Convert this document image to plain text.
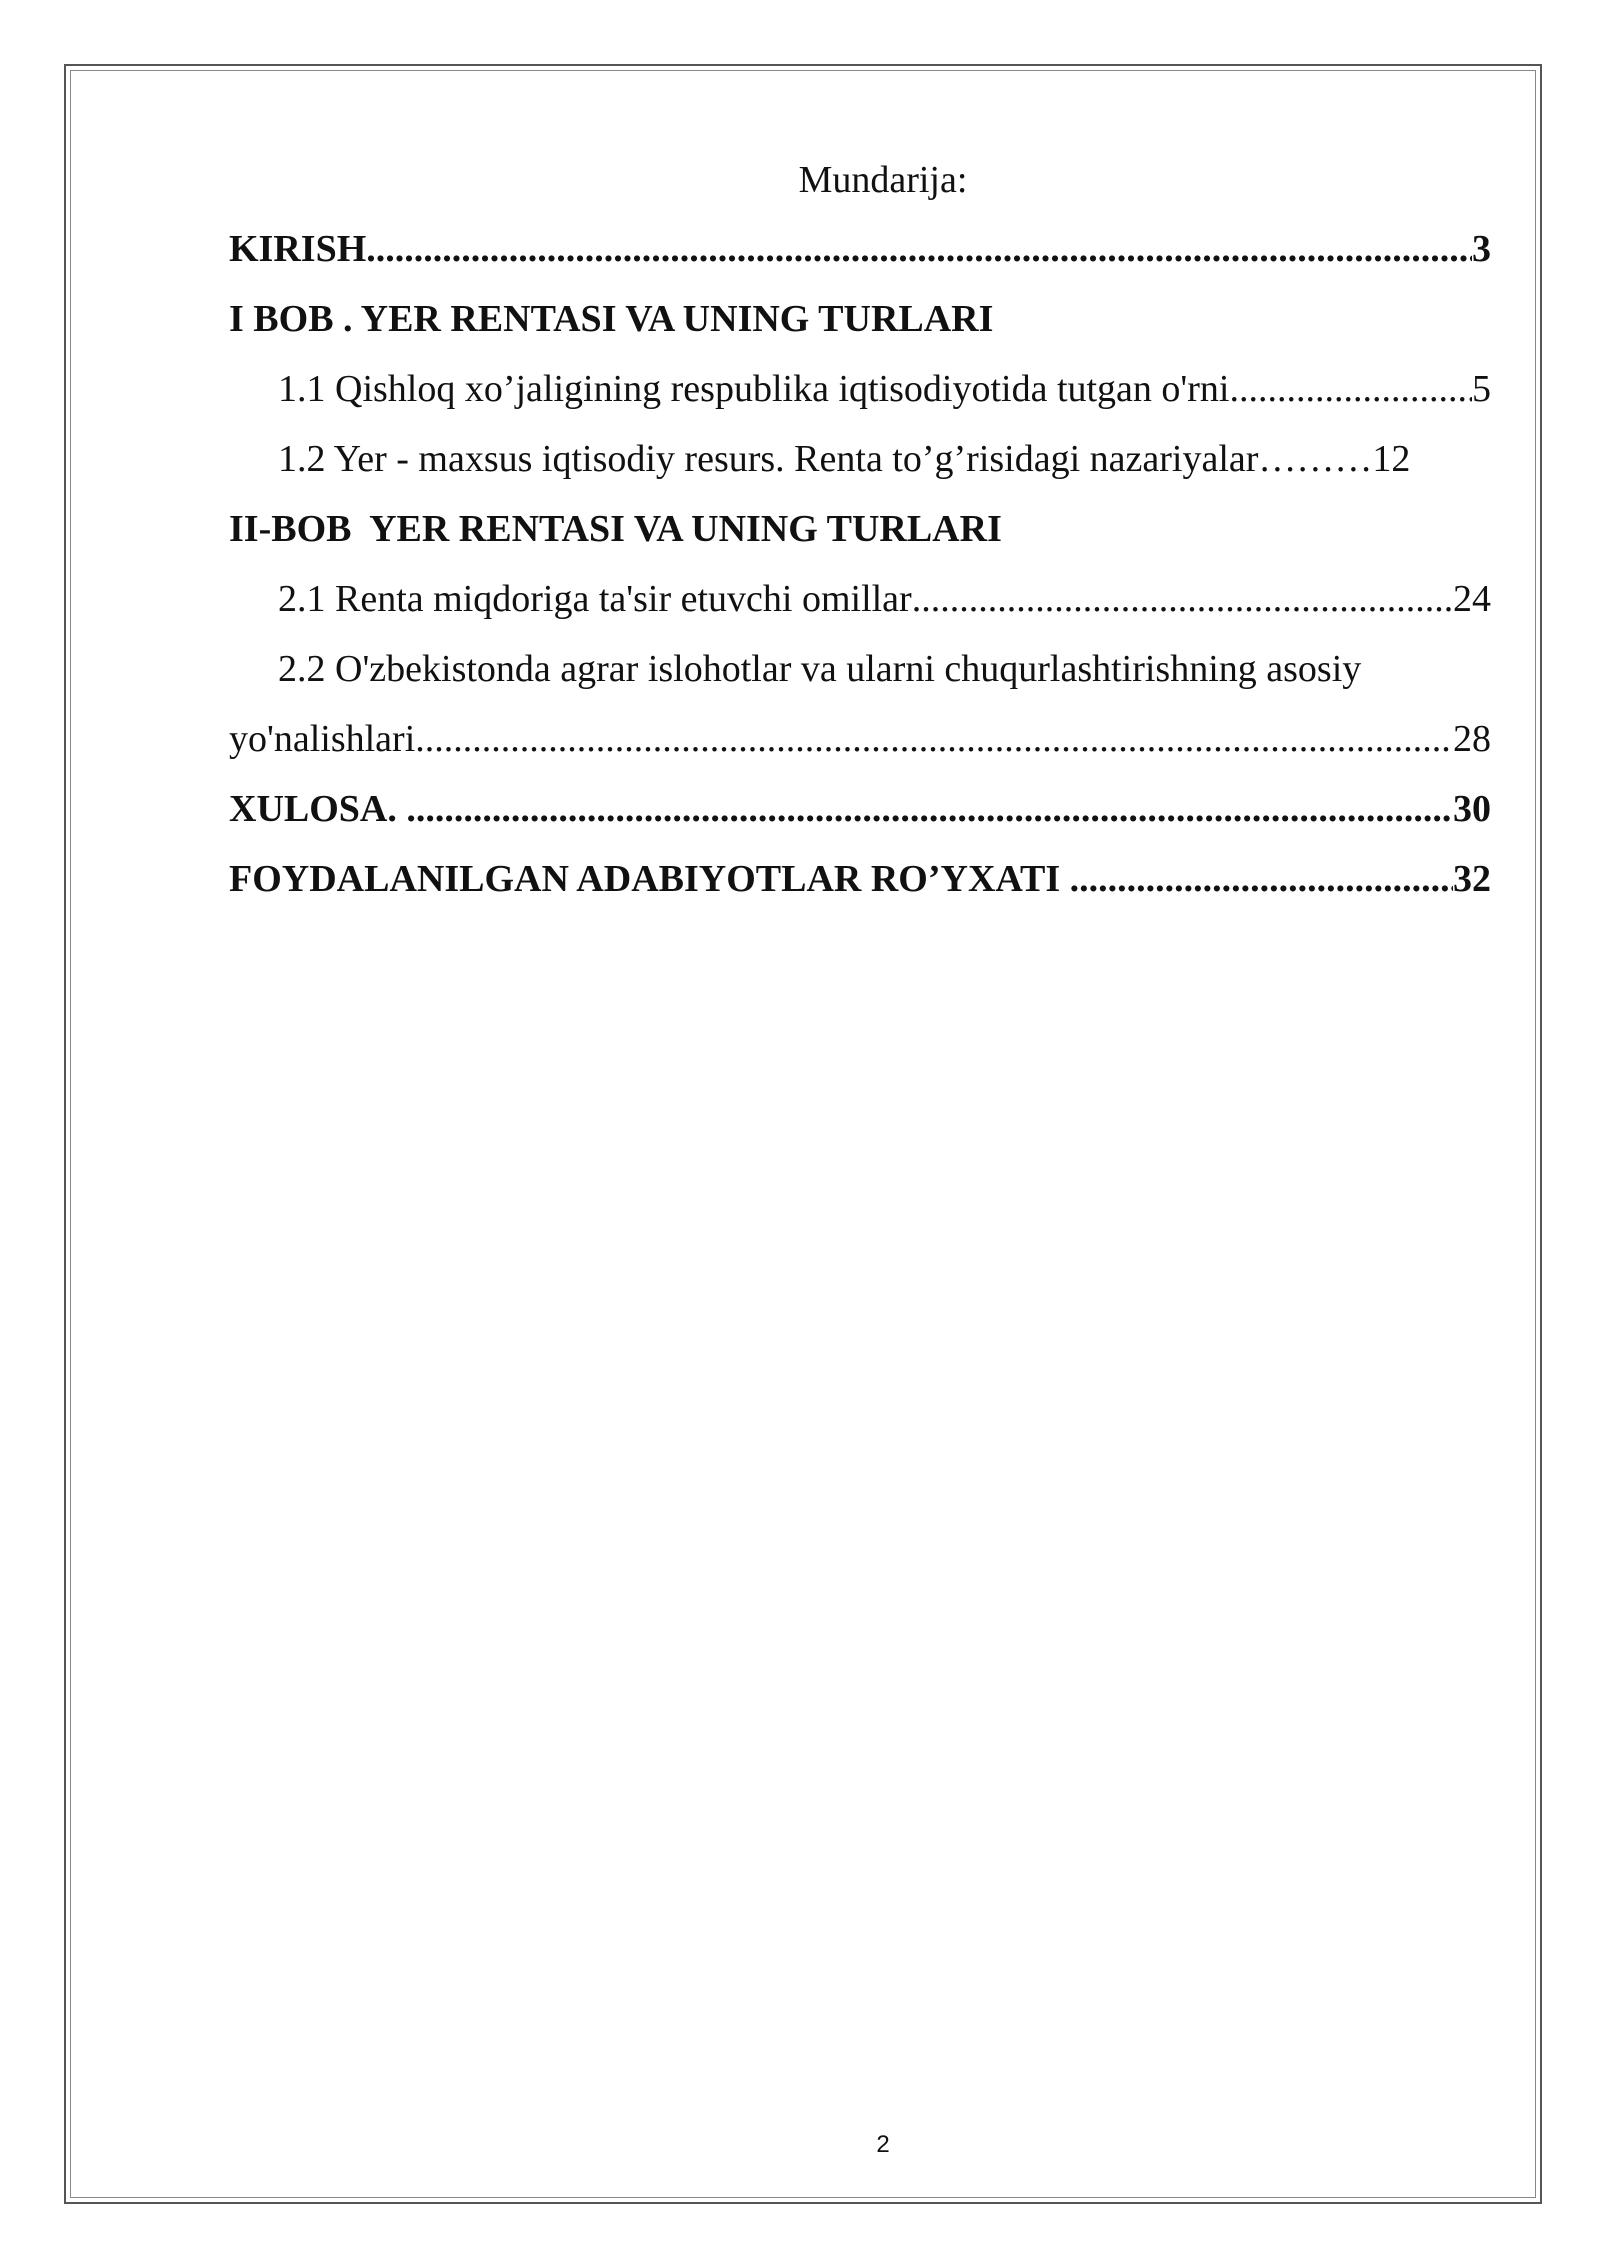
Mundarija:
KIRISH .....	3
I BOB . YER RENTASI VA UNING TURLARI
1.1 Qishloq xo’jaligining respublika iqtisodiyotida tutgan o'rni .....	5
1.2 Yer - maxsus iqtisodiy resurs. Renta to’g’risidagi nazariyalar ……… 12
II-BOB  YER RENTASI VA UNING TURLARI
2.1 Renta miqdoriga ta'sir etuvchi omillar .....	24
2.2 O'zbekistonda agrar islohotlar va ularni chuqurlashtirishning asosiy
yo'nalishlari .....	28
XULOSA. .....	30
FOYDALANILGAN ADABIYOTLAR RO’YXATI .....	32
2
